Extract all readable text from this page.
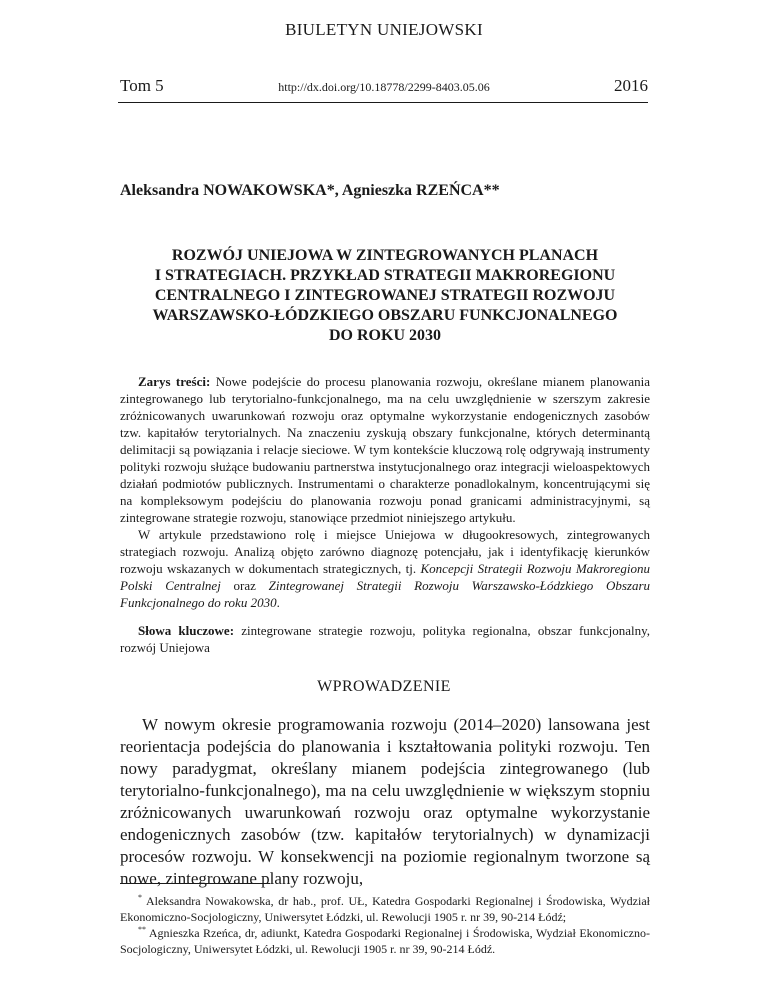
BIULETYN UNIEJOWSKI
Tom 5	http://dx.doi.org/10.18778/2299-8403.05.06	2016
Aleksandra NOWAKOWSKA*, Agnieszka RZEŃCA**
ROZWÓJ UNIEJOWA W ZINTEGROWANYCH PLANACH
I STRATEGIACH. PRZYKŁAD STRATEGII MAKROREGIONU
CENTRALNEGO I ZINTEGROWANEJ STRATEGII ROZWOJU
WARSZAWSKO-ŁÓDZKIEGO OBSZARU FUNKCJONALNEGO
DO ROKU 2030

Zarys treści: Nowe podejście do procesu planowania rozwoju, określane mianem planowania zintegrowanego lub terytorialno-funkcjonalnego, ma na celu uwzględnienie w szerszym zakresie zróżnicowanych uwarunkowań rozwoju oraz optymalne wykorzystanie endogenicznych zasobów tzw. kapitałów terytorialnych. Na znaczeniu zyskują obszary funkcjonalne, których determinantą delimitacji są powiązania i relacje sieciowe. W tym kontekście kluczową rolę odgrywają instrumenty polityki rozwoju służące budowaniu partnerstwa instytucjonalnego oraz integracji wieloaspektowych działań podmiotów publicznych. Instrumentami o charakterze ponadlokalnym, koncentrującymi się na kompleksowym podejściu do planowania rozwoju ponad granicami administracyjnymi, są zintegrowane strategie rozwoju, stanowiące przedmiot niniejszego artykułu.

W artykule przedstawiono rolę i miejsce Uniejowa w długookresowych, zintegrowanych strategiach rozwoju. Analizą objęto zarówno diagnozę potencjału, jak i identyfikację kierunków rozwoju wskazanych w dokumentach strategicznych, tj. Koncepcji Strategii Rozwoju Makroregionu Polski Centralnej oraz Zintegrowanej Strategii Rozwoju Warszawsko-Łódzkiego Obszaru Funkcjonalnego do roku 2030.

Słowa kluczowe: zintegrowane strategie rozwoju, polityka regionalna, obszar funkcjonalny, rozwój Uniejowa
WPROWADZENIE
W nowym okresie programowania rozwoju (2014–2020) lansowana jest reorientacja podejścia do planowania i kształtowania polityki rozwoju. Ten nowy paradygmat, określany mianem podejścia zintegrowanego (lub terytorialno-funkcjonalnego), ma na celu uwzględnienie w większym stopniu zróżnicowanych uwarunkowań rozwoju oraz optymalne wykorzystanie endogenicznych zasobów (tzw. kapitałów terytorialnych) w dynamizacji procesów rozwoju. W konsekwencji na poziomie regionalnym tworzone są nowe, zintegrowane plany rozwoju,

* Aleksandra Nowakowska, dr hab., prof. UŁ, Katedra Gospodarki Regionalnej i Środowiska, Wydział Ekonomiczno-Socjologiczny, Uniwersytet Łódzki, ul. Rewolucji 1905 r. nr 39, 90-214 Łódź;

** Agnieszka Rzeńca, dr, adiunkt, Katedra Gospodarki Regionalnej i Środowiska, Wydział Ekonomiczno-Socjologiczny, Uniwersytet Łódzki, ul. Rewolucji 1905 r. nr 39, 90-214 Łódź.
